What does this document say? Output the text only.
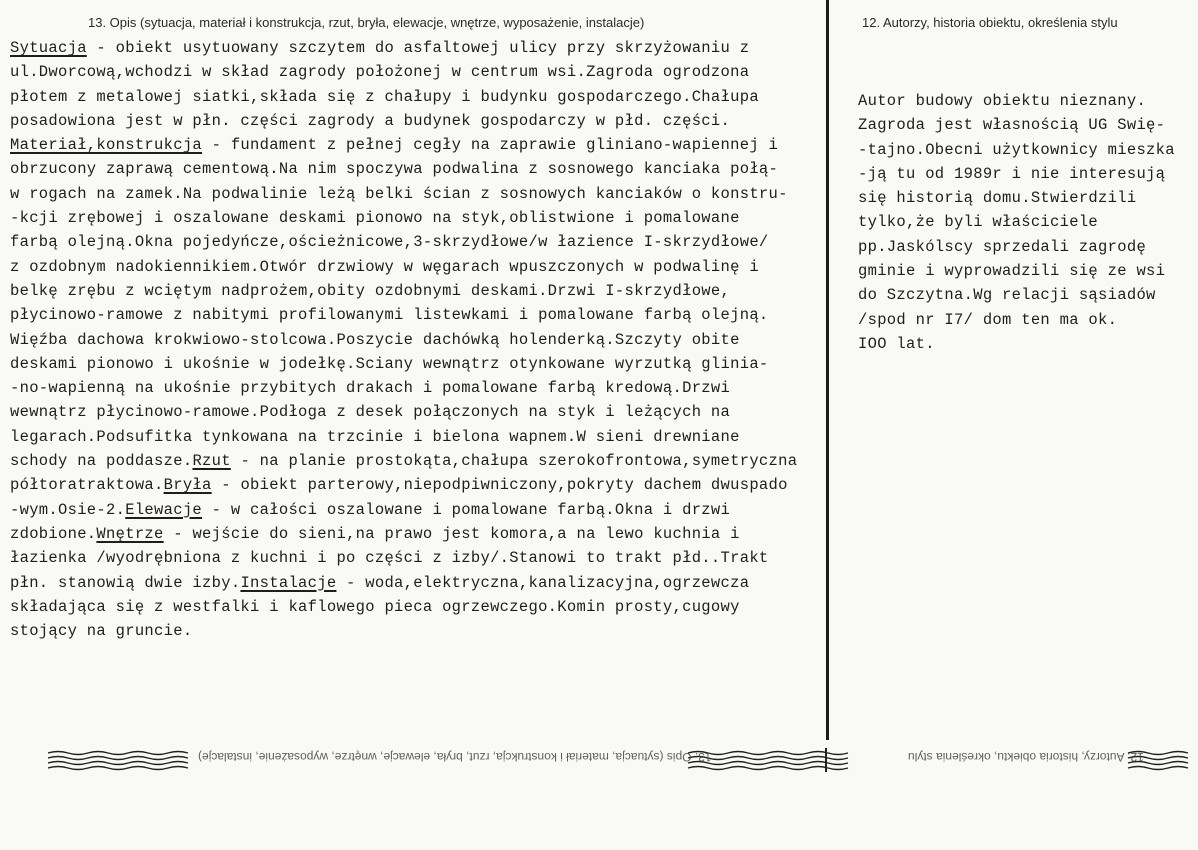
13. Opis (sytuacja, materiał i konstrukcja, rzut, bryła, elewacje, wnętrze, wyposażenie, instalacje)	12. Autorzy, historia obiektu, określenia stylu
Sytuacja - obiekt usytuowany szczytem do asfaltowej ulicy przy skrzyżowaniu z
ul.Dworcową,wchodzi w skład zagrody położonej w centrum wsi.Zagroda ogrodzona
płotem z metalowej siatki,składa się z chałupy i budynku gospodarczego.Chałupa
posadowiona jest w płn. części zagrody a budynek gospodarczy w płd. części.
Materiał,konstrukcja - fundament z pełnej cegły na zaprawie gliniano-wapiennej i
obrzucony zaprawą cementową.Na nim spoczywa podwalina z sosnowego kanciaka połą-
w rogach na zamek.Na podwalinie leżą belki ścian z sosnowych kanciaków o konstru-
-kcji zrębowej i oszalowane deskami pionowo na styk,oblistwione i pomalowane
farbą olejną.Okna pojedyńcze,ościeżnicowe,3-skrzydłowe/w łazience I-skrzydłowe/
z ozdobnym nadokiennikiem.Otwór drzwiowy w węgarach wpuszczonych w podwalinę i
belkę zrębu z wciętym nadprożem,obity ozdobnymi deskami.Drzwi I-skrzydłowe,
płycinowo-ramowe z nabitymi profilowanymi listewkami i pomalowane farbą olejną.
Więźba dachowa krokwiowo-stolcowa.Poszycie dachówką holenderką.Szczyty obite
deskami pionowo i ukośnie w jodełkę.Sciany wewnątrz otynkowane wyrzutką glinia-
-no-wapienną na ukośnie przybitych drakach i pomalowane farbą kredową.Drzwi
wewnątrz płycinowo-ramowe.Podłoga z desek połączonych na styk i leżących na
legarach.Podsufitka tynkowana na trzcinie i bielona wapnem.W sieni drewniane
schody na poddasze.Rzut - na planie prostokąta,chałupa szerokofrontowa,symetryczna
półtoratraktowa.Bryła - obiekt parterowy,niepodpiwniczony,pokryty dachem dwuspado
-wym.Osie-2.Elewacje - w całości oszalowane i pomalowane farbą.Okna i drzwi
zdobione.Wnętrze - wejście do sieni,na prawo jest komora,a na lewo kuchnia i
łazienka /wyodrębniona z kuchni i po części z izby/.Stanowi to trakt płd..Trakt
płn. stanowią dwie izby.Instalacje - woda,elektryczna,kanalizacyjna,ogrzewcza
składająca się z westfalki i kaflowego pieca ogrzewczego.Komin prosty,cugowy
stojący na gruncie.
Autor budowy obiektu nieznany.
Zagroda jest własnością UG Swię-
-tajno.Obecni użytkownicy mieszka
-ją tu od 1989r i nie interesują
się historią domu.Stwierdzili
tylko,że byli właściciele
pp.Jaskólscy sprzedali zagrodę
gminie i wyprowadzili się ze wsi
do Szczytna.Wg relacji sąsiadów
/spod nr I7/ dom ten ma ok.
IOO lat.
13. Opis (sytuacja, materiał i konstrukcja, rzut, bryła, elewacje, wnętrze, wyposażenie, instalacje)	12. Autorzy, historia obiektu, określenia stylu
